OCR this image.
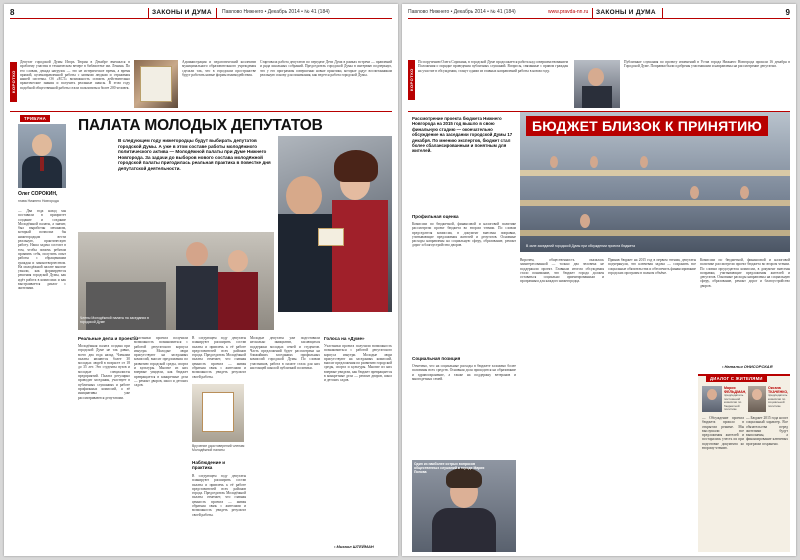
8	ЗАКОНЫ И ДУМА Павлово Нижнего • Декабрь 2014 • № 41 (184)
КОРОТКО
Депутат городской Думы Игорь Тюрин в Декабре вмешался в проблему участия в техническом вечере в библиотеке им. Ленина. По его словам, декада нагрузок — это не истерическое время, а время прямой, целенаправленной работы с новыми людьми и отражения нашей системы. Об «ЕСТ» возможность освоить действительно практические знания и получить реальные шансы. В этом году подобной общественной работы стали пользоваться более 200 человек.
Администрация и педагогический коллектив муниципального образовательного учреждения сделали так, что в городском пространстве будут работать новые формы взаимодействия.
Стартовала работа депутатов по передаче Дети Дума в рамках встречи — правлений и ряда школьных собраний. Председатель городской Думы в интервью подчеркнул, что у его программы совершенно новые практики, которые дадут воспитанникам реальную основу для понимания, как ведется работа городской Думы.
ТРИБУНА
Олег СОРОКИН,
глава Нижнего Новгорода
— Два года назад мы поставили в приоритет создание и создание Молодёжной палаты, а значит, был выработан механизм, который позволил бы нижегородцам вести реальную, практическую работу. Наша задача состоит в том, чтобы помочь ребятам проявить себя, получить опыт работы с обращениями граждан и законотворчеством. На молодёжной палате многие узнали, как формируются решения городской Думы, как идёт работа в комиссиях и как выстраивается диалог с жителями.
ПАЛАТА МОЛОДЫХ ДЕПУТАТОВ
В следующем году нижегородцы будут выбирать депутатов городской Думы. А уже в этом составе работы молодёжного политического актива — Молодёжной палаты при Думе Нижнего Новгорода. За задачи до выборов нового состава молодёжной городской палаты пригодилась реальная практика в повестке дня депутатской деятельности.
Члены Молодёжной палаты на заседании в городской Думе
Реальные дела и проекты
Молодёжная палата создана при городской Думе не так давно, всего два года назад. Членами палаты являются более 30 молодых людей в возрасте от 18 до 35 лет. Это студенты вузов и молодые специалисты предприятий. Палата регулярно проводит заседания, участвует в публичных слушаниях и работе профильных комиссий, а её инициативы уже рассматриваются депутатами.
Участники проекта получили возможность познакомиться с работой депутатского корпуса изнутри. Молодые люди присутствуют на заседаниях комиссий, вносят предложения по развитию городской среды, спорта и культуры. Многие из них впервые увидели, как бюджет превращается в конкретные дела — ремонт дворов, школ и детских садов.
Вручение удостоверений членам Молодёжной палаты
Наблюдение и практика
В следующем году депутаты планируют расширить состав палаты и привлечь к её работе представителей всех районов города. Председатель Молодёжной палаты отмечает, что главная ценность проекта — живая обратная связь с жителями и возможность увидеть результат своей работы.
В следующем году депутаты планируют расширить состав палаты и привлечь к её работе представителей всех районов города. Председатель Молодёжной палаты отмечает, что главная ценность проекта — живая обратная связь с жителями и возможность увидеть результат своей работы.
Молодые депутаты уже подготовили несколько инициатив, касающихся поддержки молодых семей и студентов. Часть предложений будет рассмотрена на ближайших заседаниях профильных комиссий городской Думы. По словам участников, работа в палате стала для них настоящей школой публичной политики.
Голоса на «Думе»
Участники проекта получили возможность познакомиться с работой депутатского корпуса изнутри. Молодые люди присутствуют на заседаниях комиссий, вносят предложения по развитию городской среды, спорта и культуры. Многие из них впервые увидели, как бюджет превращается в конкретные дела — ремонт дворов, школ и детских садов.
• Михаил ШТЕЙМАН
Павлово Нижнего • Декабрь 2014 • № 41 (184)	www.pravda-nn.ru ЗАКОНЫ И ДУМА	9
КОРОТКО
По поручению Олега Сорокина, в городской Думе продолжается работа над совершенствованием Положения о порядке проведения публичных слушаний. Вопросы, связанные с правом граждан на участие в обсуждении, станут одним из главных направлений работы в новом году.
Публичные слушания по проекту изменений в Устав города Нижнего Новгорода прошли 16 декабря в Городской Думе. Поправки были одобрены участниками и направлены на рассмотрение депутатам.
Рассмотрение проекта бюджета Нижнего Новгорода на 2015 год вышло в свою финальную стадию — окончательно обсуждение на заседании городской Думы 17 декабря. По мнению экспертов, бюджет стал более сбалансированным и понятным для жителей.
БЮДЖЕТ БЛИЗОК К ПРИНЯТИЮ
В зале заседаний городской Думы при обсуждении проекта бюджета
Профильная оценка
Комиссии по бюджетной, финансовой и налоговой политике рассмотрели проект бюджета во втором чтении. По словам председателя комиссии, в документ внесены поправки, учитывающие предложения жителей и депутатов. Основные расходы направлены на социальную сферу, образование, ремонт дорог и благоустройство дворов.
Социальная позиция
Отмечено, что на социальные расходы в бюджете заложено более половины всех средств. Основная доля приходится на образование и здравоохранение, а также на поддержку ветеранов и многодетных семей.
Один из наиболее острых вопросов общественных слушаний в городе Мария Попова
Впрочем, общественность оказалась заинтересованной — только два человека не поддержали проект. Главным итогом обсуждения стало понимание, что бюджет города должен оставаться социально ориентированным и прозрачным для каждого нижегородца.
Приняв бюджет на 2015 год в первом чтении, депутаты подчеркнули, что ключевая задача — сохранить все социальные обязательства и обеспечить финансирование городских программ в полном объёме.
Комиссии по бюджетной, финансовой и налоговой политике рассмотрели проект бюджета во втором чтении. По словам председателя комиссии, в документ внесены поправки, учитывающие предложения жителей и депутатов. Основные расходы направлены на социальную сферу, образование, ремонт дорог и благоустройство дворов.
• Наталья ОНИСОРСКАЯ
ДИАЛОГ С ЖИТЕЛЯМИ
Мария ФЕЛЬДМАН,
председатель постоянной комиссии по бюджетной политике
Оксана ТКАЧЕНКО,
председатель комиссии по социальной политике
— Обсуждение проекта бюджета прошло в открытом режиме. Мы выслушали все предложения жителей и постарались учесть их при подготовке документа ко второму чтению.
— Бюджет 2015 года носит социальный характер. Все обязательства перед жителями будут выполнены, а финансирование ключевых программ сохранено.
